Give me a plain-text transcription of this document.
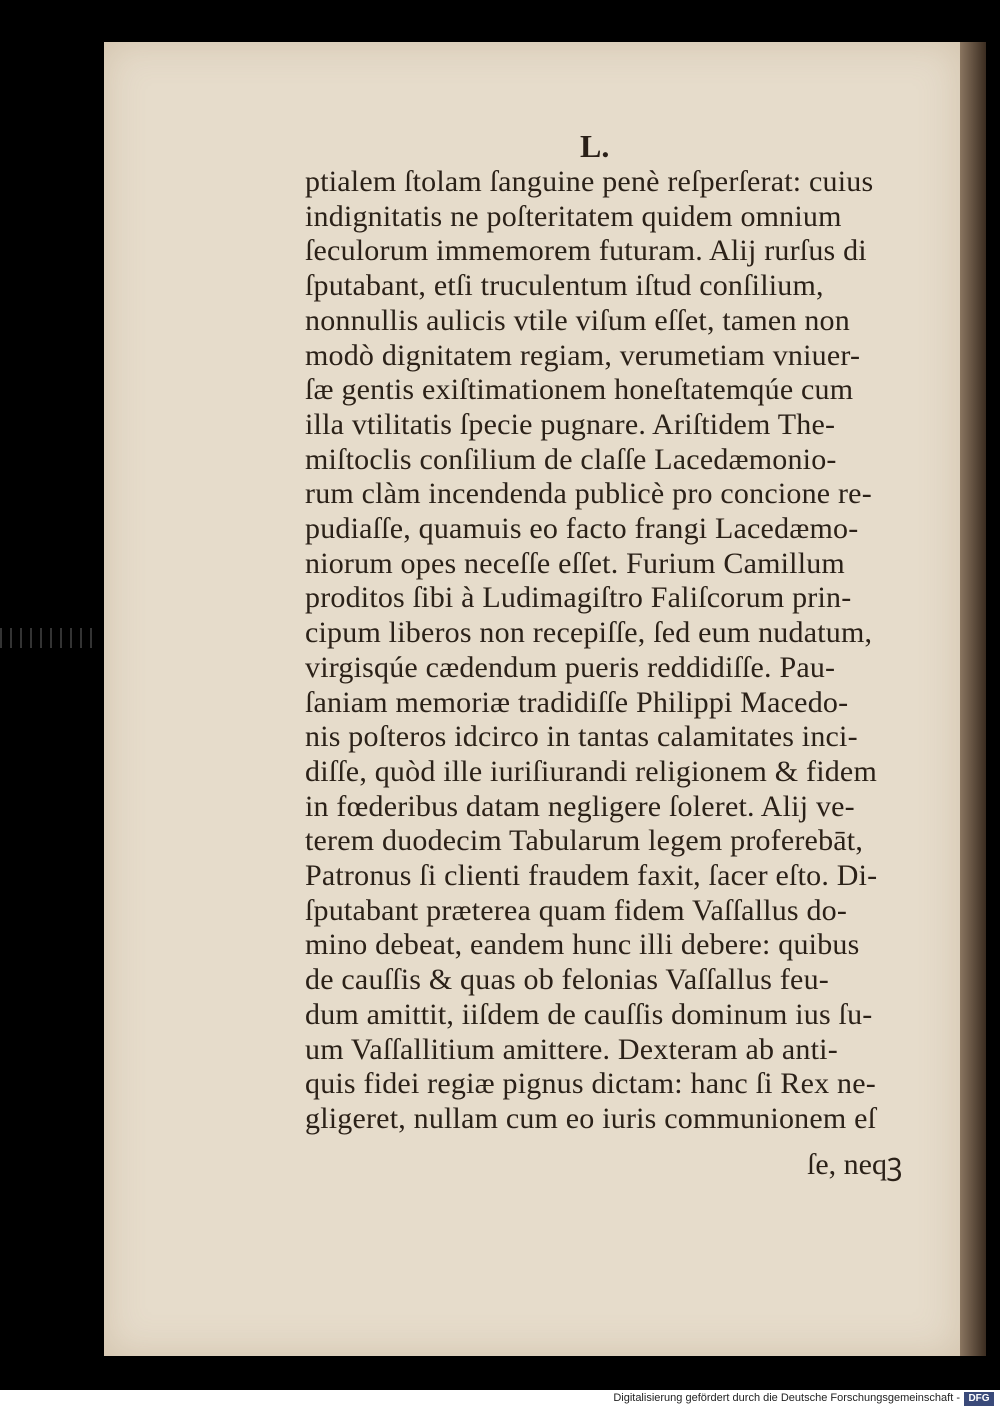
L.
ptialem ſtolam ſanguine penè reſperſerat: cuius
indignitatis ne poſteritatem quidem omnium
ſeculorum immemorem futuram. Alij rurſus di
ſputabant, etſi truculentum iſtud conſilium,
nonnullis aulicis vtile viſum eſſet, tamen non
modò dignitatem regiam, verumetiam vniuer-
ſæ gentis exiſtimationem honeſtatemqúe cum
illa vtilitatis ſpecie pugnare. Ariſtidem The-
miſtoclis conſilium de claſſe Lacedæmonio-
rum clàm incendenda publicè pro concione re-
pudiaſſe, quamuis eo facto frangi Lacedæmo-
niorum opes neceſſe eſſet. Furium Camillum
proditos ſibi à Ludimagiſtro Faliſcorum prin-
cipum liberos non recepiſſe, ſed eum nudatum,
virgisqúe cædendum pueris reddidiſſe. Pau-
ſaniam memoriæ tradidiſſe Philippi Macedo-
nis poſteros idcirco in tantas calamitates inci-
diſſe, quòd ille iuriſiurandi religionem & fidem
in fœderibus datam negligere ſoleret. Alij ve-
terem duodecim Tabularum legem proferebāt,
Patronus ſi clienti fraudem faxit, ſacer eſto. Di-
ſputabant præterea quam fidem Vaſſallus do-
mino debeat, eandem hunc illi debere: quibus
de cauſſis & quas ob felonias Vaſſallus feu-
dum amittit, iiſdem de cauſſis dominum ius ſu-
um Vaſſallitium amittere. Dexteram ab anti-
quis fidei regiæ pignus dictam: hanc ſi Rex ne-
gligeret, nullam cum eo iuris communionem eſ
ſe, neqꝫ
Digitalisierung gefördert durch die Deutsche Forschungsgemeinschaft - DFG
